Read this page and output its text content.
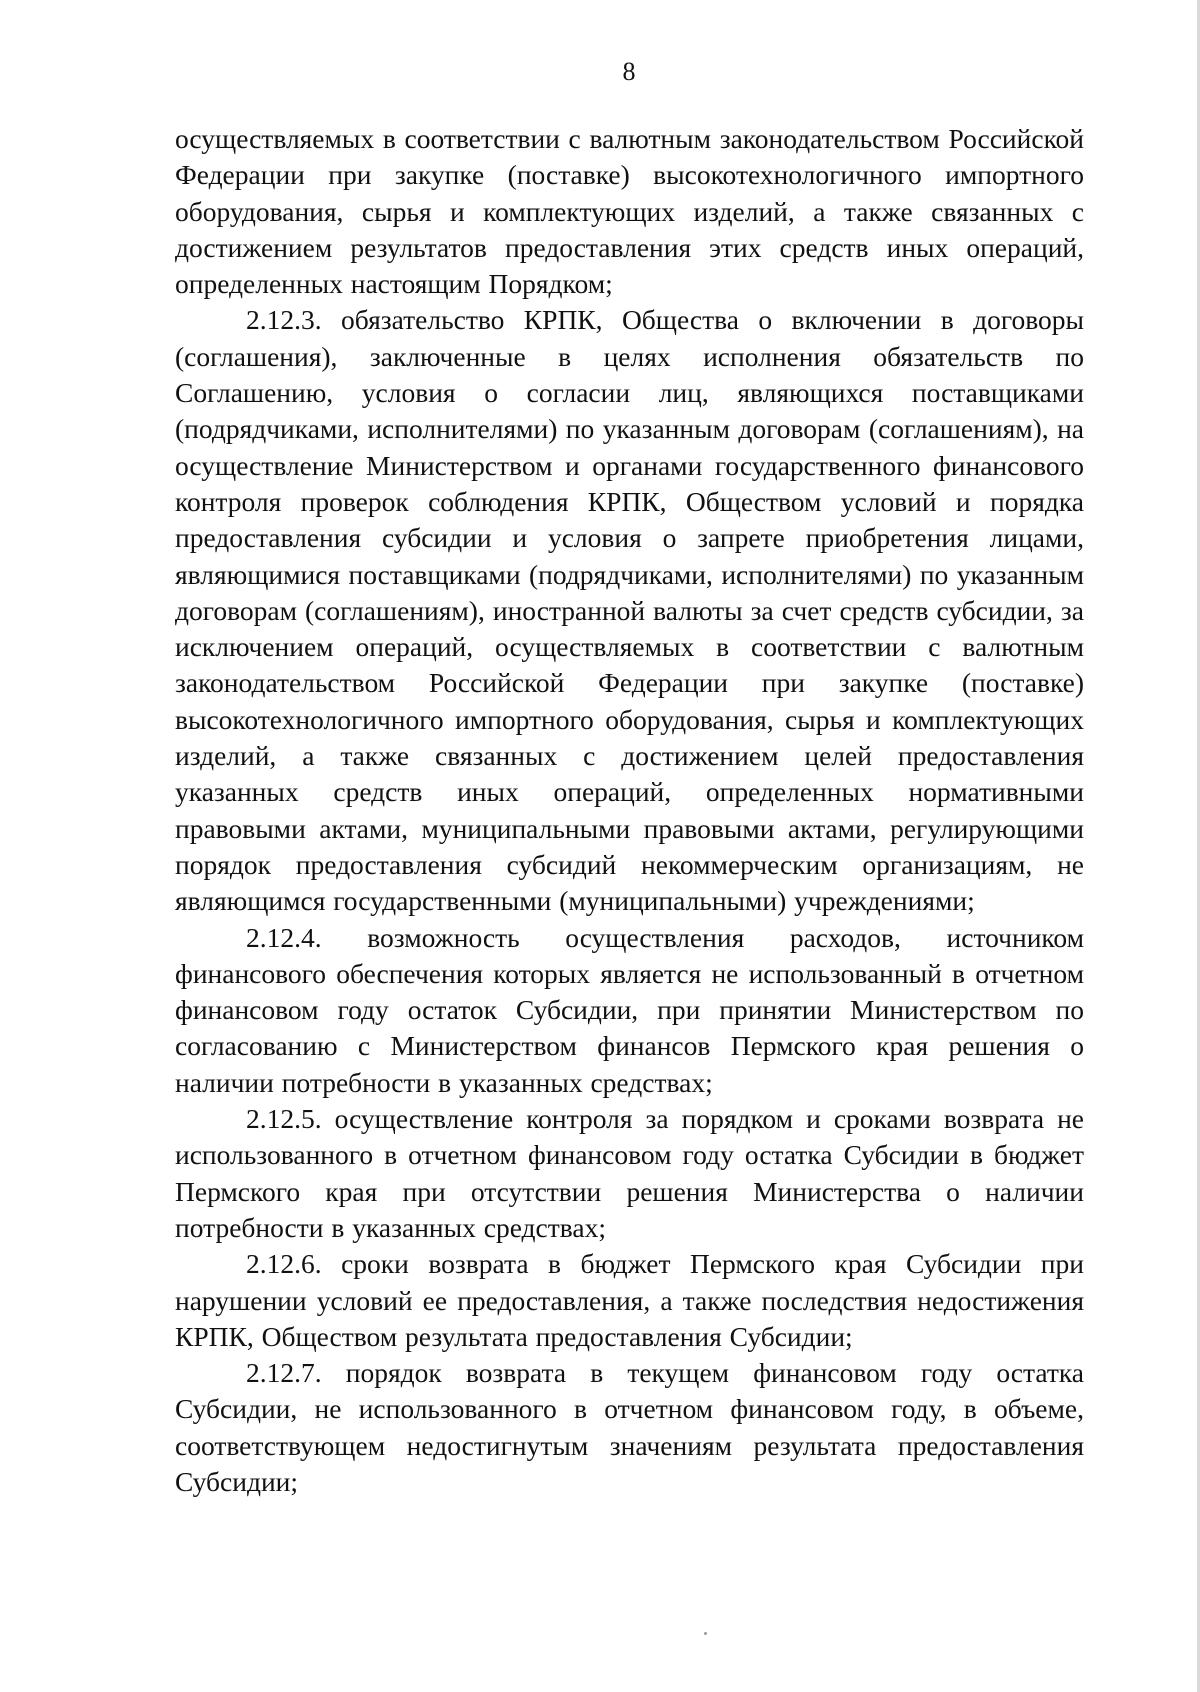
8

осуществляемых в соответствии с валютным законодательством Российской Федерации при закупке (поставке) высокотехнологичного импортного оборудования, сырья и комплектующих изделий, а также связанных с достижением результатов предоставления этих средств иных операций, определенных настоящим Порядком;

2.12.3. обязательство КРПК, Общества о включении в договоры (соглашения), заключенные в целях исполнения обязательств по Соглашению, условия о согласии лиц, являющихся поставщиками (подрядчиками, исполнителями) по указанным договорам (соглашениям), на осуществление Министерством и органами государственного финансового контроля проверок соблюдения КРПК, Обществом условий и порядка предоставления субсидии и условия о запрете приобретения лицами, являющимися поставщиками (подрядчиками, исполнителями) по указанным договорам (соглашениям), иностранной валюты за счет средств субсидии, за исключением операций, осуществляемых в соответствии с валютным законодательством Российской Федерации при закупке (поставке) высокотехнологичного импортного оборудования, сырья и комплектующих изделий, а также связанных с достижением целей предоставления указанных средств иных операций, определенных нормативными правовыми актами, муниципальными правовыми актами, регулирующими порядок предоставления субсидий некоммерческим организациям, не являющимся государственными (муниципальными) учреждениями;

2.12.4. возможность осуществления расходов, источником финансового обеспечения которых является не использованный в отчетном финансовом году остаток Субсидии, при принятии Министерством по согласованию с Министерством финансов Пермского края решения о наличии потребности в указанных средствах;

2.12.5. осуществление контроля за порядком и сроками возврата не использованного в отчетном финансовом году остатка Субсидии в бюджет Пермского края при отсутствии решения Министерства о наличии потребности в указанных средствах;

2.12.6. сроки возврата в бюджет Пермского края Субсидии при нарушении условий ее предоставления, а также последствия недостижения КРПК, Обществом результата предоставления Субсидии;

2.12.7. порядок возврата в текущем финансовом году остатка Субсидии, не использованного в отчетном финансовом году, в объеме, соответствующем недостигнутым значениям результата предоставления Субсидии;
